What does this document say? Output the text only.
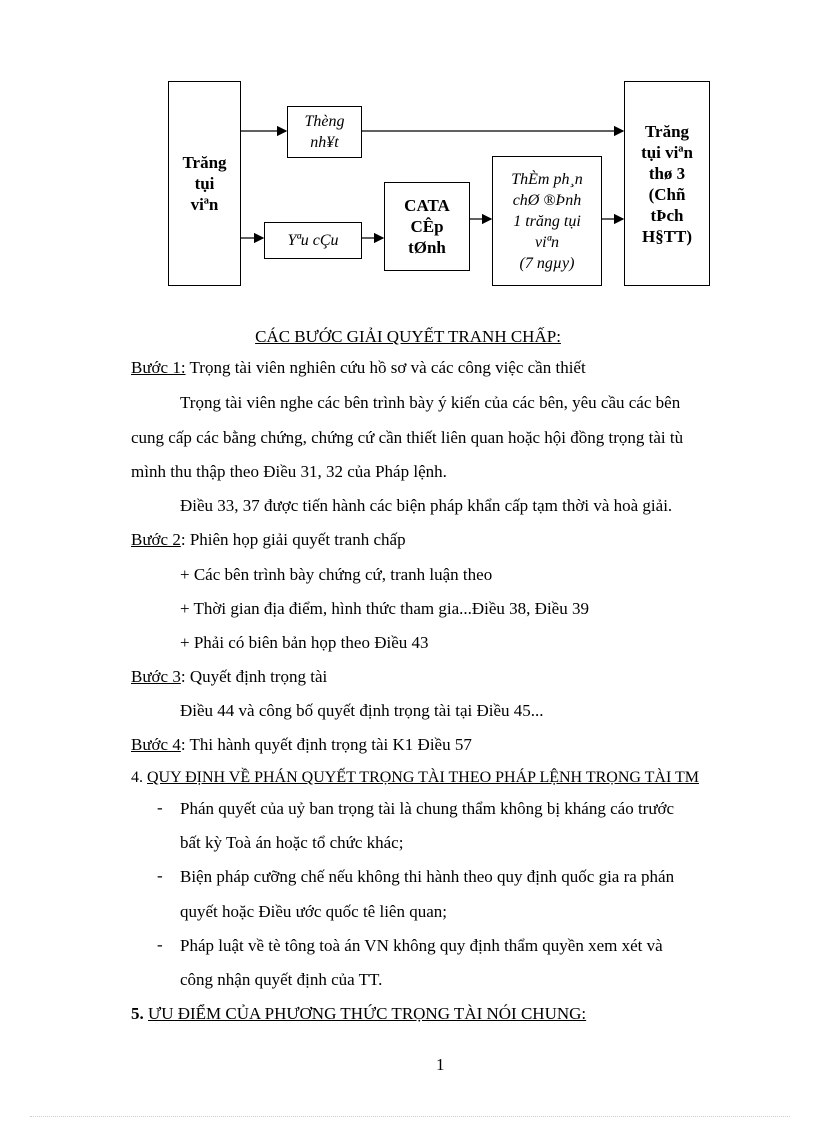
Trăng
tụi
viªn
Thèng
nh¥t
Yªu cÇu
CATA
CÊp
tØnh
ThÈm ph¸n
chØ ®Þnh
1 trăng tụi
viªn
(7 ngµy)
Trăng
tụi viªn
thø 3
(Chñ
tÞch
H§TT)
CÁC BƯỚC GIẢI QUYẾT TRANH CHẤP:
Bước 1: Trọng tài viên nghiên cứu hồ sơ và các công việc cần thiết
Trọng tài viên nghe các bên trình bày ý kiến của các bên, yêu cầu các bên
cung cấp các bằng chứng, chứng cứ cần thiết liên quan hoặc hội đồng trọng tài tù
mình thu thập theo Điều 31, 32 của Pháp lệnh.
Điều 33, 37 được tiến hành các biện pháp khẩn cấp tạm thời và hoà giải.
Bước 2: Phiên họp giải quyết tranh chấp
+ Các bên trình bày chứng cứ, tranh luận theo
+ Thời gian địa điểm, hình thức tham gia...Điều 38, Điều 39
+ Phải có biên bản họp theo Điều 43
Bước 3: Quyết định trọng tài
Điều 44 và công bố quyết định trọng tài tại Điều 45...
Bước 4: Thi hành quyết định trọng tài K1 Điều 57
4. QUY ĐỊNH VỀ PHÁN QUYẾT TRỌNG TÀI THEO PHÁP LỆNH TRỌNG TÀI TM
- Phán quyết của uỷ ban trọng tài là chung thẩm không bị kháng cáo trước
bất kỳ Toà án hoặc tổ chức khác;
- Biện pháp cưỡng chế nếu không thi hành theo quy định quốc gia ra phán
quyết hoặc Điều ước quốc tê liên quan;
- Pháp luật về tè tông toà án VN không quy định thẩm quyền xem xét và
công nhận quyết định của TT.
5. ƯU ĐIỂM CỦA PHƯƠNG THỨC TRỌNG TÀI NÓI CHUNG:
1
